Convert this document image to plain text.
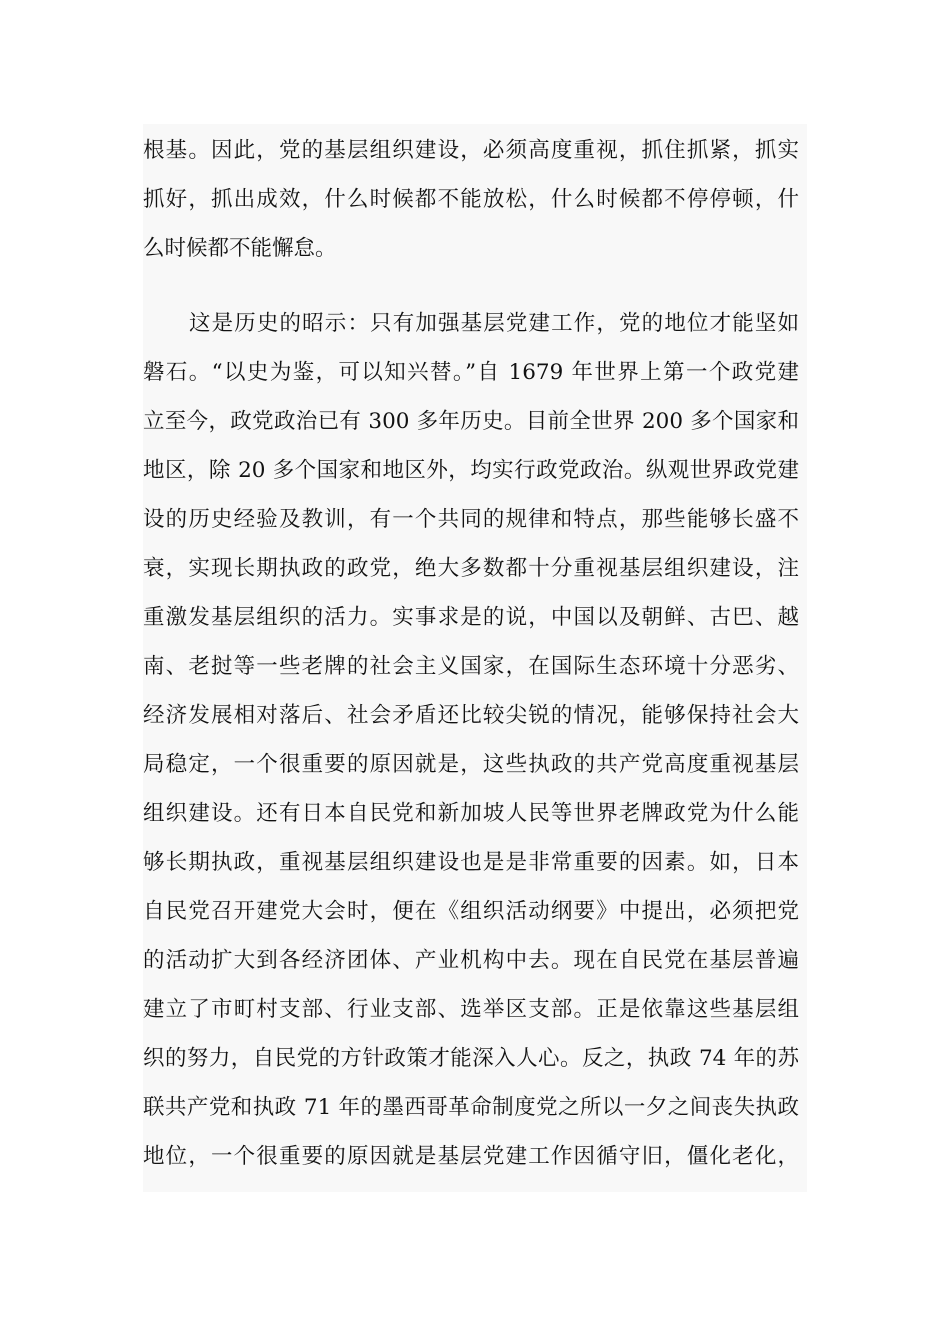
根基。因此，党的基层组织建设，必须高度重视，抓住抓紧，抓实
抓好，抓出成效，什么时候都不能放松，什么时候都不停停顿，什
么时候都不能懈怠。
这是历史的昭示：只有加强基层党建工作，党的地位才能坚如
磐石。“以史为鉴，可以知兴替。”自 1679 年世界上第一个政党建
立至今，政党政治已有 300 多年历史。目前全世界 200 多个国家和
地区，除 20 多个国家和地区外，均实行政党政治。纵观世界政党建
设的历史经验及教训，有一个共同的规律和特点，那些能够长盛不
衰，实现长期执政的政党，绝大多数都十分重视基层组织建设，注
重激发基层组织的活力。实事求是的说，中国以及朝鲜、古巴、越
南、老挝等一些老牌的社会主义国家，在国际生态环境十分恶劣、
经济发展相对落后、社会矛盾还比较尖锐的情况，能够保持社会大
局稳定，一个很重要的原因就是，这些执政的共产党高度重视基层
组织建设。还有日本自民党和新加坡人民等世界老牌政党为什么能
够长期执政，重视基层组织建设也是是非常重要的因素。如，日本
自民党召开建党大会时，便在《组织活动纲要》中提出，必须把党
的活动扩大到各经济团体、产业机构中去。现在自民党在基层普遍
建立了市町村支部、行业支部、选举区支部。正是依靠这些基层组
织的努力，自民党的方针政策才能深入人心。反之，执政 74 年的苏
联共产党和执政 71 年的墨西哥革命制度党之所以一夕之间丧失执政
地位，一个很重要的原因就是基层党建工作因循守旧，僵化老化，
